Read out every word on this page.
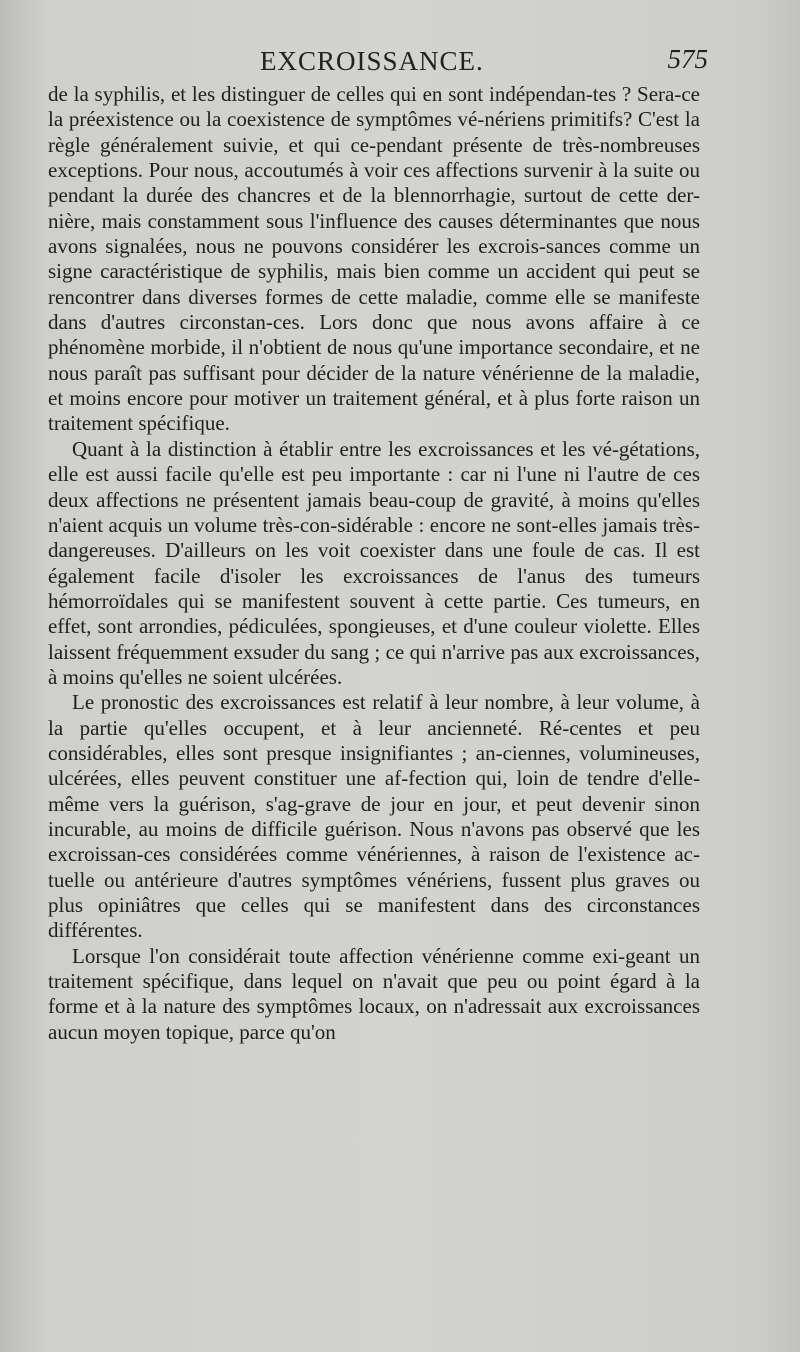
EXCROISSANCE.	575

de la syphilis, et les distinguer de celles qui en sont indépendan-tes ? Sera-ce la préexistence ou la coexistence de symptômes vé-nériens primitifs? C'est la règle généralement suivie, et qui ce-pendant présente de très-nombreuses exceptions. Pour nous, accoutumés à voir ces affections survenir à la suite ou pendant la durée des chancres et de la blennorrhagie, surtout de cette der-nière, mais constamment sous l'influence des causes déterminantes que nous avons signalées, nous ne pouvons considérer les excrois-sances comme un signe caractéristique de syphilis, mais bien comme un accident qui peut se rencontrer dans diverses formes de cette maladie, comme elle se manifeste dans d'autres circonstan-ces. Lors donc que nous avons affaire à ce phénomène morbide, il n'obtient de nous qu'une importance secondaire, et ne nous paraît pas suffisant pour décider de la nature vénérienne de la maladie, et moins encore pour motiver un traitement général, et à plus forte raison un traitement spécifique.

Quant à la distinction à établir entre les excroissances et les vé-gétations, elle est aussi facile qu'elle est peu importante : car ni l'une ni l'autre de ces deux affections ne présentent jamais beau-coup de gravité, à moins qu'elles n'aient acquis un volume très-con-sidérable : encore ne sont-elles jamais très-dangereuses. D'ailleurs on les voit coexister dans une foule de cas. Il est également facile d'isoler les excroissances de l'anus des tumeurs hémorroïdales qui se manifestent souvent à cette partie. Ces tumeurs, en effet, sont arrondies, pédiculées, spongieuses, et d'une couleur violette. Elles laissent fréquemment exsuder du sang ; ce qui n'arrive pas aux excroissances, à moins qu'elles ne soient ulcérées.

Le pronostic des excroissances est relatif à leur nombre, à leur volume, à la partie qu'elles occupent, et à leur ancienneté. Ré-centes et peu considérables, elles sont presque insignifiantes ; an-ciennes, volumineuses, ulcérées, elles peuvent constituer une af-fection qui, loin de tendre d'elle-même vers la guérison, s'ag-grave de jour en jour, et peut devenir sinon incurable, au moins de difficile guérison. Nous n'avons pas observé que les excroissan-ces considérées comme vénériennes, à raison de l'existence ac-tuelle ou antérieure d'autres symptômes vénériens, fussent plus graves ou plus opiniâtres que celles qui se manifestent dans des circonstances différentes.

Lorsque l'on considérait toute affection vénérienne comme exi-geant un traitement spécifique, dans lequel on n'avait que peu ou point égard à la forme et à la nature des symptômes locaux, on n'adressait aux excroissances aucun moyen topique, parce qu'on
